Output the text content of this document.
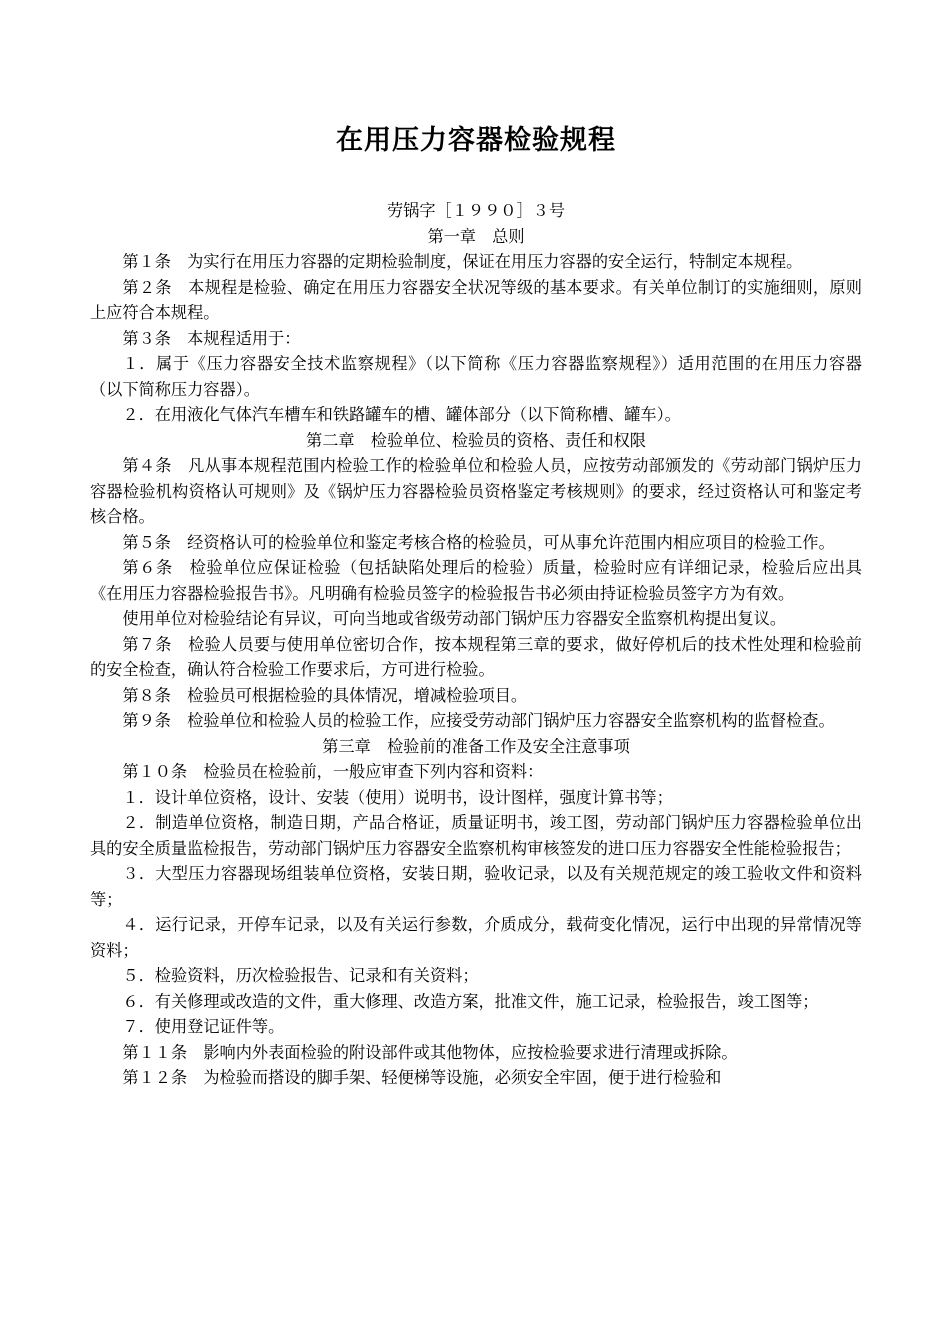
在用压力容器检验规程

劳锅字［１９９０］３号

第一章　总则

第１条　为实行在用压力容器的定期检验制度，保证在用压力容器的安全运行，特制定本规程。

第２条　本规程是检验、确定在用压力容器安全状况等级的基本要求。有关单位制订的实施细则，原则上应符合本规程。

第３条　本规程适用于：

１．属于《压力容器安全技术监察规程》（以下简称《压力容器监察规程》）适用范围的在用压力容器（以下简称压力容器）。

２．在用液化气体汽车槽车和铁路罐车的槽、罐体部分（以下简称槽、罐车）。

第二章　检验单位、检验员的资格、责任和权限

第４条　凡从事本规程范围内检验工作的检验单位和检验人员，应按劳动部颁发的《劳动部门锅炉压力容器检验机构资格认可规则》及《锅炉压力容器检验员资格鉴定考核规则》的要求，经过资格认可和鉴定考核合格。

第５条　经资格认可的检验单位和鉴定考核合格的检验员，可从事允许范围内相应项目的检验工作。

第６条　检验单位应保证检验（包括缺陷处理后的检验）质量，检验时应有详细记录，检验后应出具《在用压力容器检验报告书》。凡明确有检验员签字的检验报告书必须由持证检验员签字方为有效。

使用单位对检验结论有异议，可向当地或省级劳动部门锅炉压力容器安全监察机构提出复议。

第７条　检验人员要与使用单位密切合作，按本规程第三章的要求，做好停机后的技术性处理和检验前的安全检查，确认符合检验工作要求后，方可进行检验。

第８条　检验员可根据检验的具体情况，增减检验项目。

第９条　检验单位和检验人员的检验工作，应接受劳动部门锅炉压力容器安全监察机构的监督检查。

第三章　检验前的准备工作及安全注意事项

第１０条　检验员在检验前，一般应审查下列内容和资料：

１．设计单位资格，设计、安装（使用）说明书，设计图样，强度计算书等；

２．制造单位资格，制造日期，产品合格证，质量证明书，竣工图，劳动部门锅炉压力容器检验单位出具的安全质量监检报告，劳动部门锅炉压力容器安全监察机构审核签发的进口压力容器安全性能检验报告；

３．大型压力容器现场组装单位资格，安装日期，验收记录，以及有关规范规定的竣工验收文件和资料等；

４．运行记录，开停车记录，以及有关运行参数，介质成分，载荷变化情况，运行中出现的异常情况等资料；

５．检验资料，历次检验报告、记录和有关资料；

６．有关修理或改造的文件，重大修理、改造方案，批准文件，施工记录，检验报告，竣工图等；

７．使用登记证件等。

第１１条　影响内外表面检验的附设部件或其他物体，应按检验要求进行清理或拆除。

第１２条　为检验而搭设的脚手架、轻便梯等设施，必须安全牢固，便于进行检验和
